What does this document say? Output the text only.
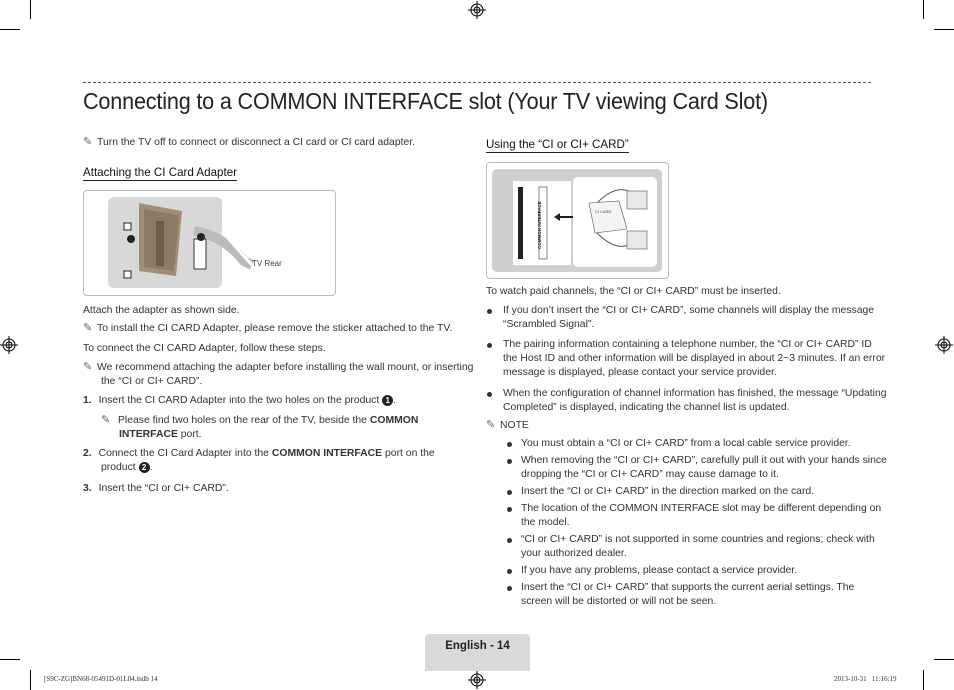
Connecting to a COMMON INTERFACE slot (Your TV viewing Card Slot)
✎ Turn the TV off to connect or disconnect a CI card or CI card adapter.
Attaching the CI Card Adapter
TV Rear
Attach the adapter as shown side.
✎ To install the CI CARD Adapter, please remove the sticker attached to the TV.
To connect the CI CARD Adapter, follow these steps.
✎ We recommend attaching the adapter before installing the wall mount, or inserting
the “CI or CI+ CARD”.
1. Insert the CI CARD Adapter into the two holes on the product 1 .
✎ Please find two holes on the rear of the TV, beside the COMMON
INTERFACE port.
2. Connect the CI Card Adapter into the COMMON INTERFACE port on the
product 2 .
3. Insert the “CI or CI+ CARD”.
Using the “CI or CI+ CARD”
COMMON INTERFACE	CI CARD
To watch paid channels, the “CI or CI+ CARD” must be inserted.
If you don’t insert the “CI or CI+ CARD”, some channels will display the message
“Scrambled Signal”.
The pairing information containing a telephone number, the “CI or CI+ CARD” ID
the Host ID and other information will be displayed in about 2~3 minutes. If an error
message is displayed, please contact your service provider.
When the configuration of channel information has finished, the message “Updating
Completed” is displayed, indicating the channel list is updated.
✎ NOTE
You must obtain a “CI or CI+ CARD” from a local cable service provider.
When removing the “CI or CI+ CARD”, carefully pull it out with your hands since
dropping the “CI or CI+ CARD” may cause damage to it.
Insert the “CI or CI+ CARD” in the direction marked on the card.
The location of the COMMON INTERFACE slot may be different depending on
the model.
“CI or CI+ CARD” is not supported in some countries and regions; check with
your authorized dealer.
If you have any problems, please contact a service provider.
Insert the “CI or CI+ CARD” that supports the current aerial settings. The
screen will be distorted or will not be seen.
English - 14
[S9C-ZG]BN68-05491D-01L04.indb 14	2013-10-31   11:16:19
